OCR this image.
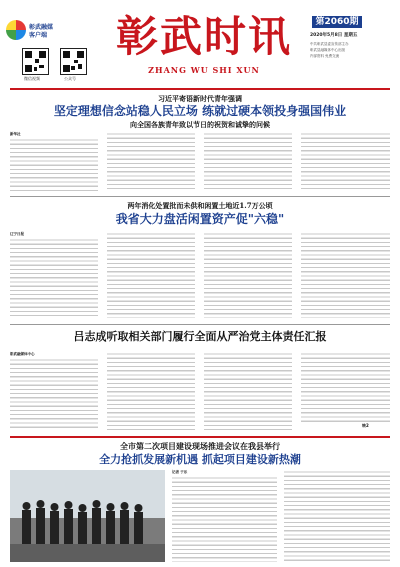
彰武融媒
客户端
微信视频	公众号
彰武时讯
ZHANG WU SHI XUN
第2060期
2020年5月8日 星期五
中共彰武县委宣传部主办
彰武县融媒体中心出版
内部资料 免费交流
习近平寄语新时代青年强调
坚定理想信念站稳人民立场 练就过硬本领投身强国伟业
向全国各族青年致以节日的祝贺和诚挚的问候
新华社
两年消化处置批而未供和闲置土地近1.7万公顷
我省大力盘活闲置资产促"六稳"
辽宁日报
吕志成听取相关部门履行全面从严治党主体责任汇报
彰武融媒体中心
转2
全市第二次项目建设现场推进会议在我县举行
全力抢抓发展新机遇 抓起项目建设新热潮
记者 于乐
